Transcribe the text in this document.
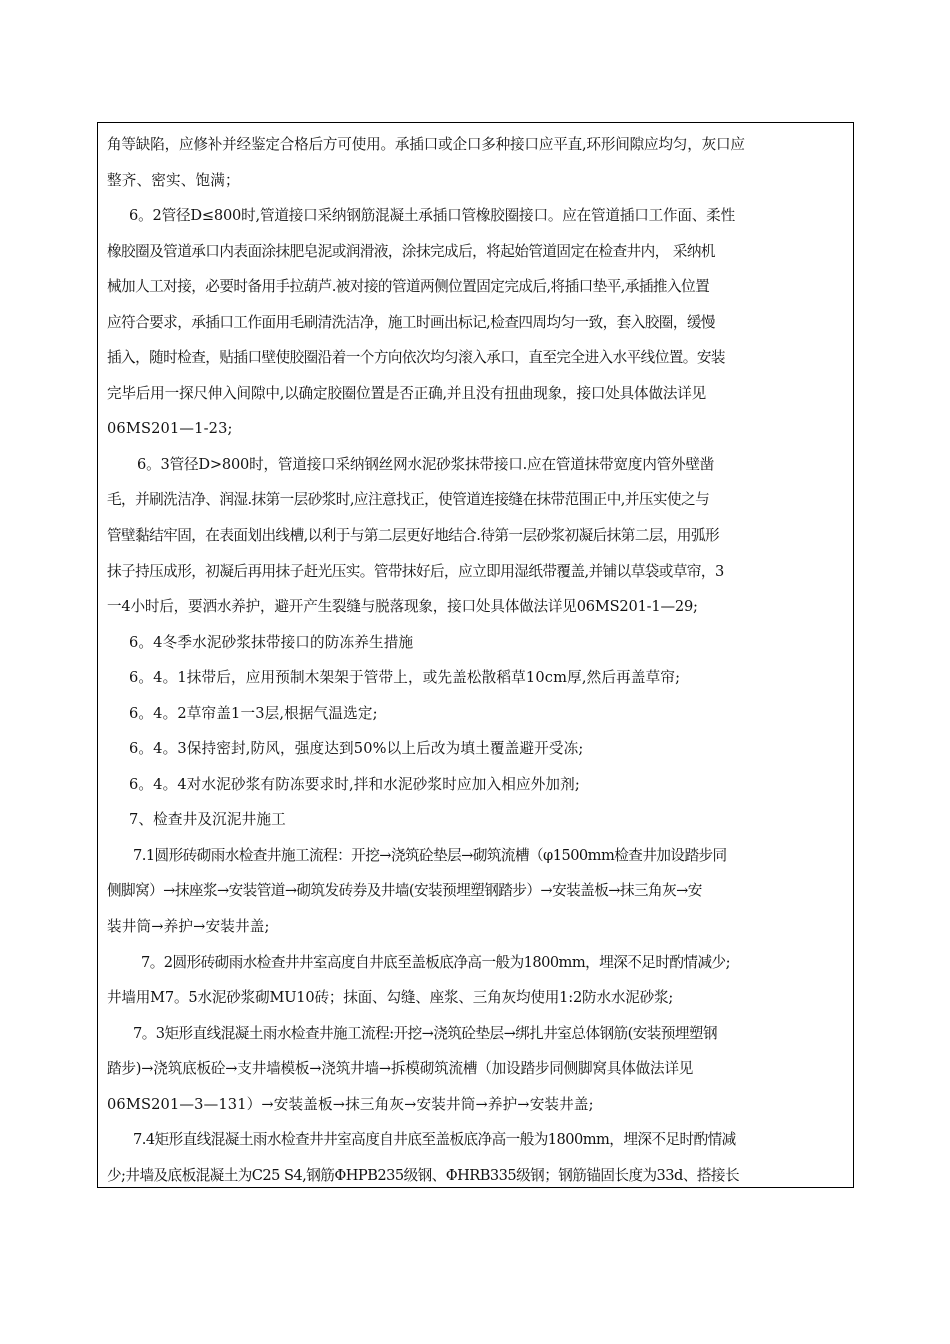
角等缺陷，应修补并经鉴定合格后方可使用。承插口或企口多种接口应平直,环形间隙应均匀，灰口应
整齐、密实、饱满；
6。2管径D≤800时,管道接口采纳钢筋混凝土承插口管橡胶圈接口。应在管道插口工作面、柔性
橡胶圈及管道承口内表面涂抹肥皂泥或润滑液，涂抹完成后，将起始管道固定在检查井内， 采纳机
械加人工对接，必要时备用手拉葫芦.被对接的管道两侧位置固定完成后,将插口垫平,承插推入位置
应符合要求，承插口工作面用毛刷清洗洁净，施工时画出标记,检查四周均匀一致，套入胶圈，缓慢
插入，随时检查，贴插口壁使胶圈沿着一个方向依次均匀滚入承口，直至完全进入水平线位置。安装
完毕后用一探尺伸入间隙中,以确定胶圈位置是否正确,并且没有扭曲现象，接口处具体做法详见
06MS201—1-23;
6。3管径D>800时，管道接口采纳钢丝网水泥砂浆抹带接口.应在管道抹带宽度内管外壁凿
毛，并刷洗洁净、润湿.抹第一层砂浆时,应注意找正，使管道连接缝在抹带范围正中,并压实使之与
管壁黏结牢固，在表面划出线槽,以利于与第二层更好地结合.待第一层砂浆初凝后抹第二层，用弧形
抹子持压成形，初凝后再用抹子赶光压实。管带抹好后，应立即用湿纸带覆盖,并铺以草袋或草帘，3
一4小时后，要洒水养护，避开产生裂缝与脱落现象，接口处具体做法详见06MS201-1—29;
6。4冬季水泥砂浆抹带接口的防冻养生措施
6。4。1抹带后，应用预制木架架于管带上，或先盖松散稻草10cm厚,然后再盖草帘;
6。4。2草帘盖1一3层,根据气温选定;
6。4。3保持密封,防风，强度达到50%以上后改为填土覆盖避开受冻;
6。4。4对水泥砂浆有防冻要求时,拌和水泥砂浆时应加入相应外加剂;
7、检查井及沉泥井施工
7.1圆形砖砌雨水检查井施工流程：开挖→浇筑砼垫层→砌筑流槽（φ1500mm检查井加设踏步同
侧脚窝）→抹座浆→安装管道→砌筑发砖券及井墙(安装预埋塑钢踏步）→安装盖板→抹三角灰→安
装井筒→养护→安装井盖;
7。2圆形砖砌雨水检查井井室高度自井底至盖板底净高一般为1800mm，埋深不足时酌情减少;
井墙用M7。5水泥砂浆砌MU10砖；抹面、勾缝、座浆、三角灰均使用1:2防水水泥砂浆;
7。3矩形直线混凝土雨水检查井施工流程:开挖→浇筑砼垫层→绑扎井室总体钢筋(安装预埋塑钢
踏步)→浇筑底板砼→支井墙模板→浇筑井墙→拆模砌筑流槽（加设踏步同侧脚窝具体做法详见
06MS201—3—131）→安装盖板→抹三角灰→安装井筒→养护→安装井盖;
7.4矩形直线混凝土雨水检查井井室高度自井底至盖板底净高一般为1800mm，埋深不足时酌情减
少;井墙及底板混凝土为C25 S4,钢筋ΦHPB235级钢、ΦHRB335级钢；钢筋锚固长度为33d、搭接长
